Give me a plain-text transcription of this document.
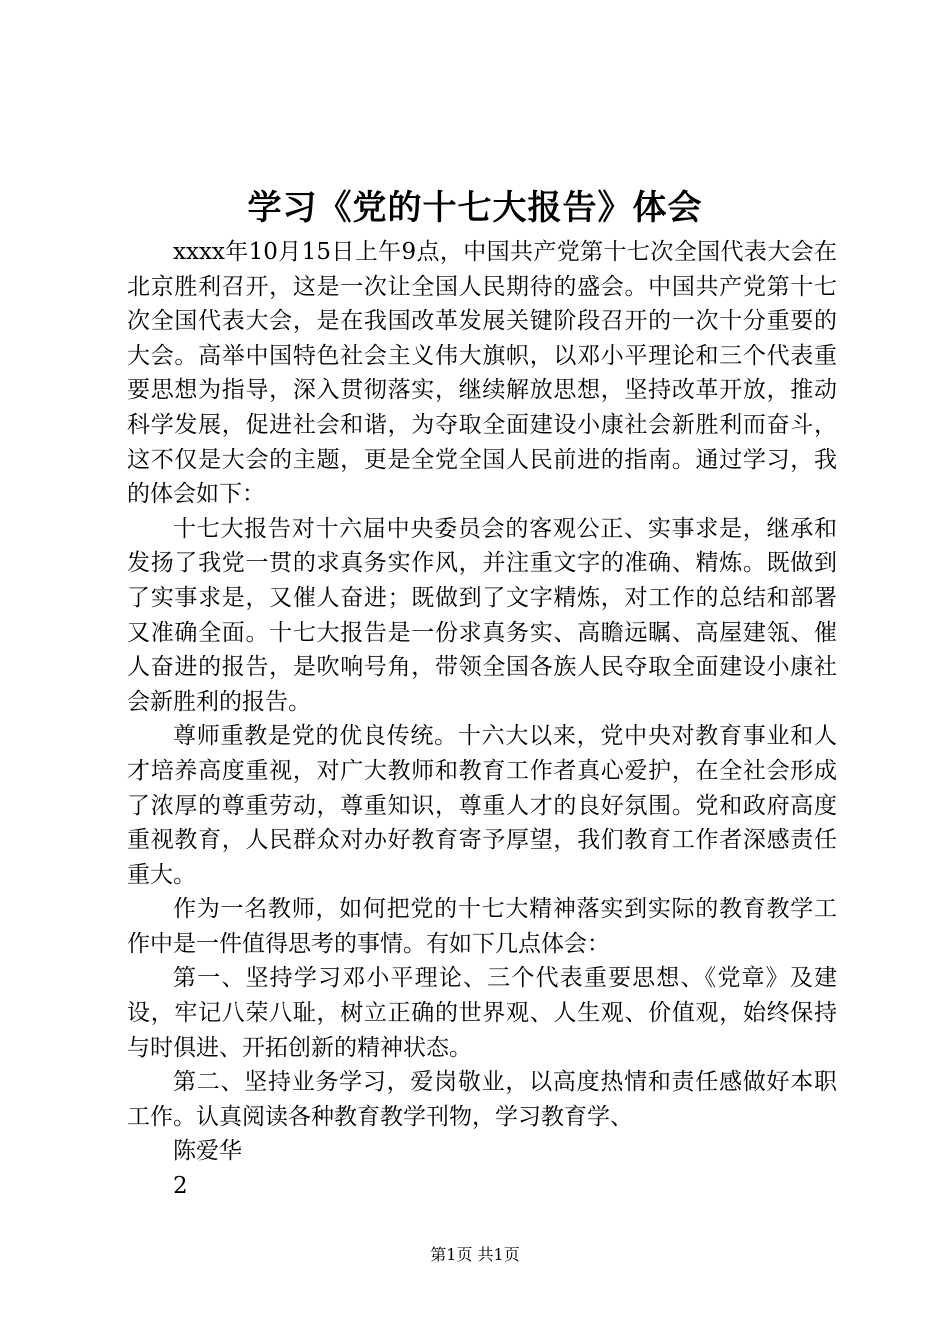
学习《党的十七大报告》体会

xxxx年10月15日上午9点，中国共产党第十七次全国代表大会在北京胜利召开，这是一次让全国人民期待的盛会。中国共产党第十七次全国代表大会，是在我国改革发展关键阶段召开的一次十分重要的大会。高举中国特色社会主义伟大旗帜，以邓小平理论和三个代表重要思想为指导，深入贯彻落实，继续解放思想，坚持改革开放，推动科学发展，促进社会和谐，为夺取全面建设小康社会新胜利而奋斗，这不仅是大会的主题，更是全党全国人民前进的指南。通过学习，我的体会如下：

十七大报告对十六届中央委员会的客观公正、实事求是，继承和发扬了我党一贯的求真务实作风，并注重文字的准确、精炼。既做到了实事求是，又催人奋进；既做到了文字精炼，对工作的总结和部署又准确全面。十七大报告是一份求真务实、高瞻远瞩、高屋建瓴、催人奋进的报告，是吹响号角，带领全国各族人民夺取全面建设小康社会新胜利的报告。

尊师重教是党的优良传统。十六大以来，党中央对教育事业和人才培养高度重视，对广大教师和教育工作者真心爱护，在全社会形成了浓厚的尊重劳动，尊重知识，尊重人才的良好氛围。党和政府高度重视教育，人民群众对办好教育寄予厚望，我们教育工作者深感责任重大。

作为一名教师，如何把党的十七大精神落实到实际的教育教学工作中是一件值得思考的事情。有如下几点体会：

第一、坚持学习邓小平理论、三个代表重要思想、《党章》及建设，牢记八荣八耻，树立正确的世界观、人生观、价值观，始终保持与时俱进、开拓创新的精神状态。

第二、坚持业务学习，爱岗敬业，以高度热情和责任感做好本职工作。认真阅读各种教育教学刊物，学习教育学、

陈爱华

2

第1页 共1页
